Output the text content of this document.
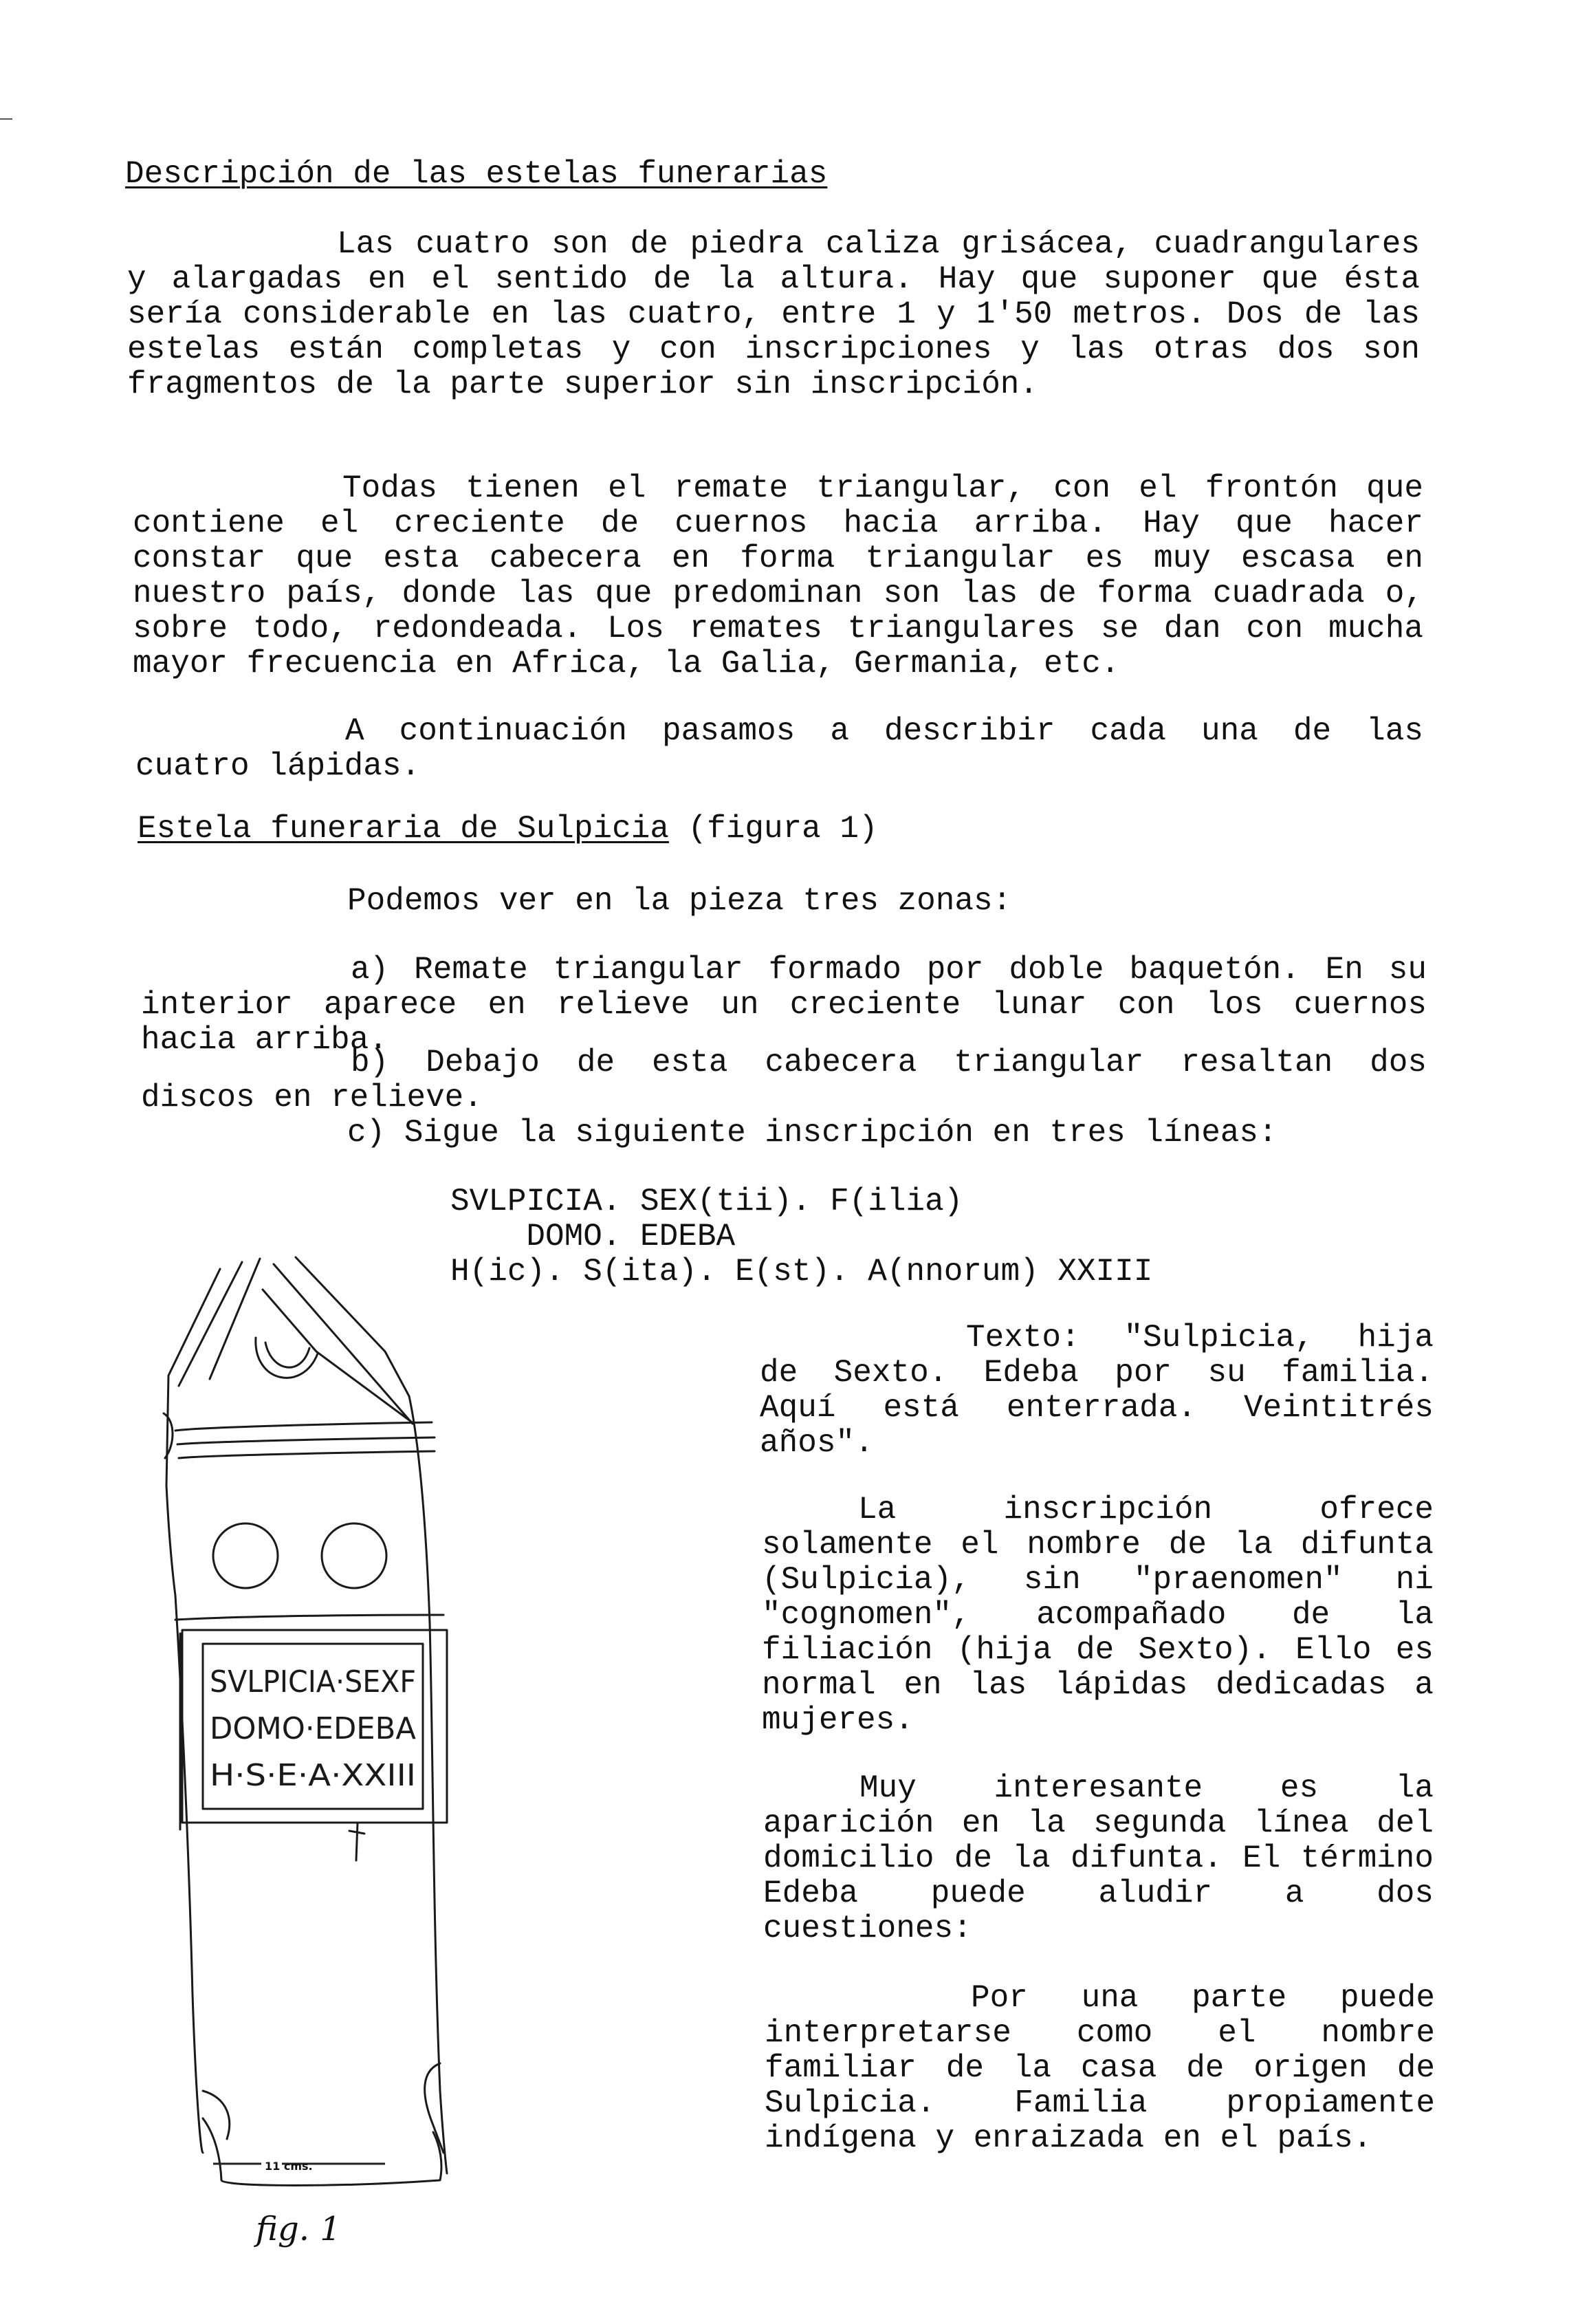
Descripción de las estelas funerarias

Las cuatro son de piedra caliza grisácea, cuadrangulares y alargadas en el sentido de la altura. Hay que suponer que ésta sería considerable en las cuatro, entre 1 y 1'50 metros. Dos de las estelas están completas y con inscripciones y las otras dos son fragmentos de la parte superior sin inscripción.

Todas tienen el remate triangular, con el frontón que contiene el creciente de cuernos hacia arriba. Hay que hacer constar que esta cabecera en forma triangular es muy escasa en nuestro país, donde las que predominan son las de forma cuadrada o, sobre todo, redondeada. Los remates triangulares se dan con mucha mayor frecuencia en Africa, la Galia, Germania, etc.

A continuación pasamos a describir cada una de las cuatro lápidas.

Estela funeraria de Sulpicia (figura 1)

Podemos ver en la pieza tres zonas:

a) Remate triangular formado por doble baquetón. En su interior aparece en relieve un creciente lunar con los cuernos hacia arriba.

b) Debajo de esta cabecera triangular resaltan dos discos en relieve.

c) Sigue la siguiente inscripción en tres líneas:

SVLPICIA. SEX(tii). F(ilia)
DOMO. EDEBA
H(ic). S(ita). E(st). A(nnorum) XXIII

Texto: "Sulpicia, hija de Sexto. Edeba por su familia. Aquí está enterrada. Veintitrés años".

La inscripción ofrece solamente el nombre de la difunta (Sulpicia), sin "praenomen" ni "cognomen", acompañado de la filiación (hija de Sexto). Ello es normal en las lápidas dedicadas a mujeres.

Muy interesante es la aparición en la segunda línea del domicilio de la difunta. El término Edeba puede aludir a dos cuestiones:

Por una parte puede interpretarse como el nombre familiar de la casa de origen de Sulpicia. Familia propiamente indígena y enraizada en el país.

SVLPICIA·SEXF
DOMO·EDEBA
H·S·E·A·XXIII
11 cms.
fig. 1
